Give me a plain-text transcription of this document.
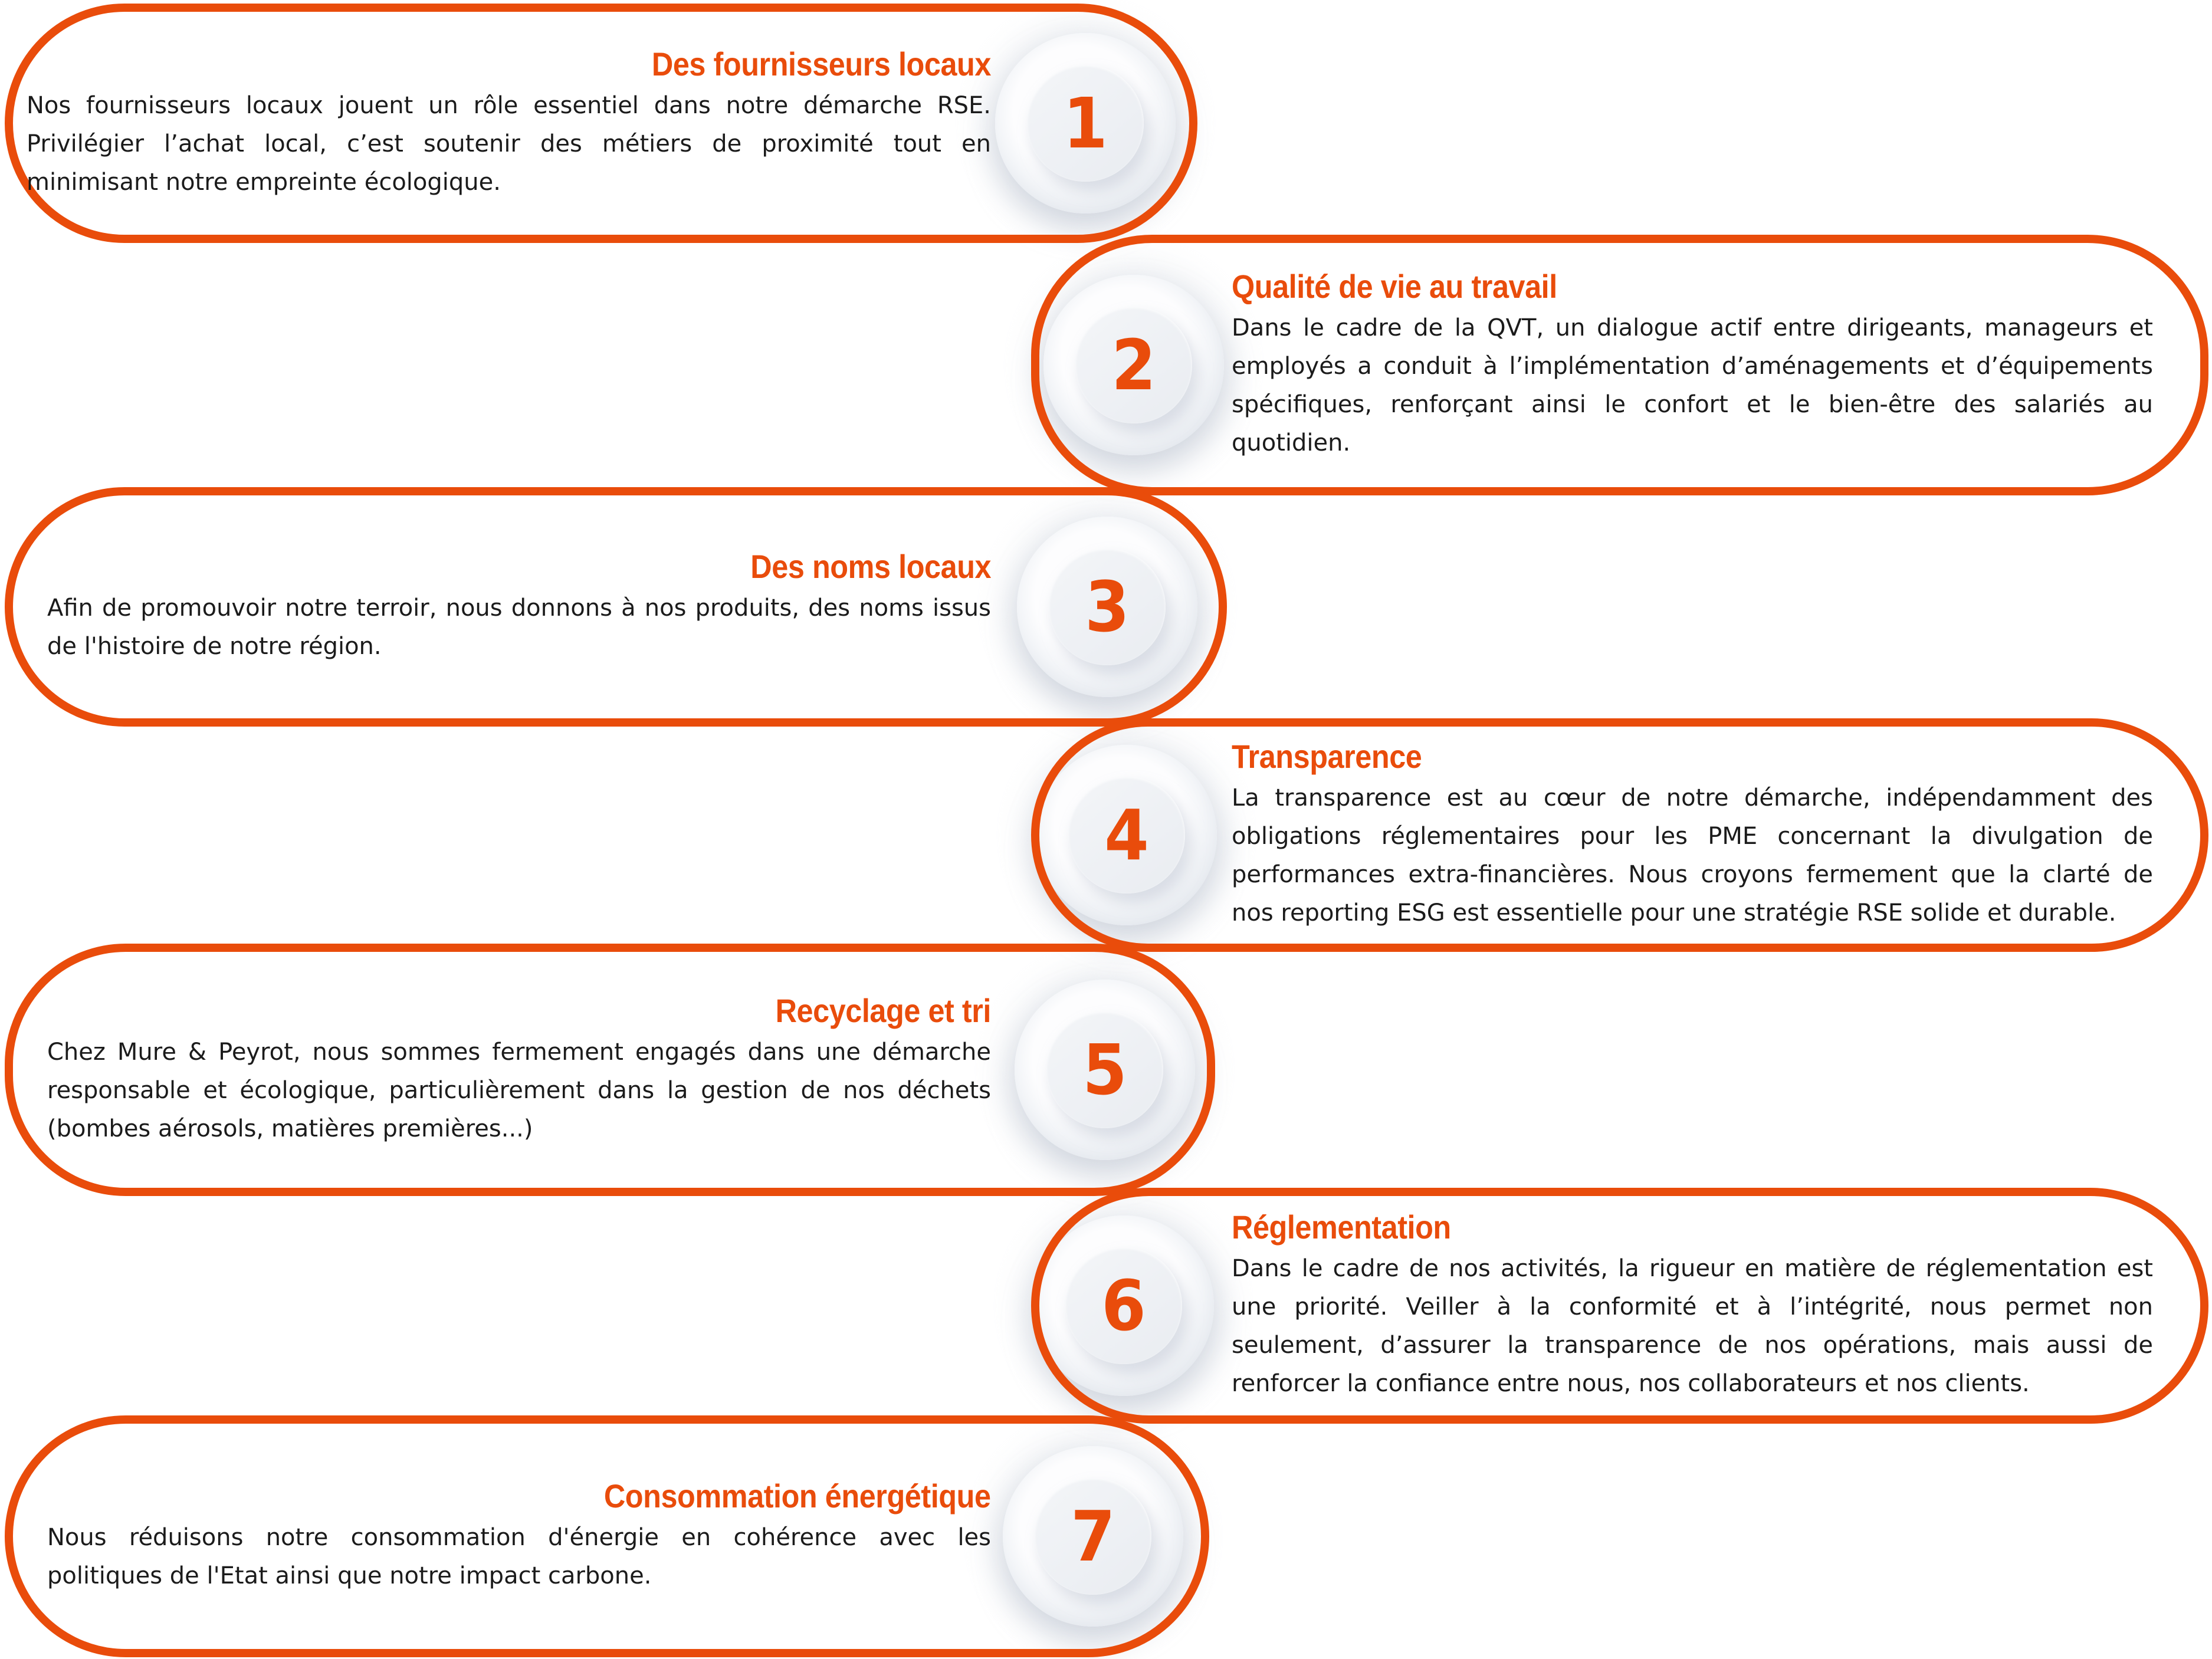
1
2
3
4
5
6
7
Des fournisseurs locaux

Nos fournisseurs locaux jouent un rôle essentiel dans notre démarche RSE. Privilégier l’achat local, c’est soutenir des métiers de proximité tout en minimisant notre empreinte écologique.

Qualité de vie au travail

Dans le cadre de la QVT, un dialogue actif entre dirigeants, manageurs et employés a conduit à l’implémentation d’aménagements et d’équipements spécifiques, renforçant ainsi le confort et le bien-être des salariés au quotidien.

Des noms locaux

Afin de promouvoir notre terroir, nous donnons à nos produits, des noms issus de l'histoire de notre région.

Transparence

La transparence est au cœur de notre démarche, indépendamment des obligations réglementaires pour les PME concernant la divulgation de performances extra-financières. Nous croyons fermement que la clarté de nos reporting ESG est essentielle pour une stratégie RSE solide et durable.

Recyclage et tri

Chez Mure & Peyrot, nous sommes fermement engagés dans une démarche responsable et écologique, particulièrement dans la gestion de nos déchets (bombes aérosols, matières premières...)

Réglementation

Dans le cadre de nos activités, la rigueur en matière de réglementation est une priorité. Veiller à la conformité et à l’intégrité, nous permet non seulement, d’assurer la transparence de nos opérations, mais aussi de renforcer la confiance entre nous, nos collaborateurs et nos clients.

Consommation énergétique

Nous réduisons notre consommation d'énergie en cohérence avec les politiques de l'Etat ainsi que notre impact carbone.
